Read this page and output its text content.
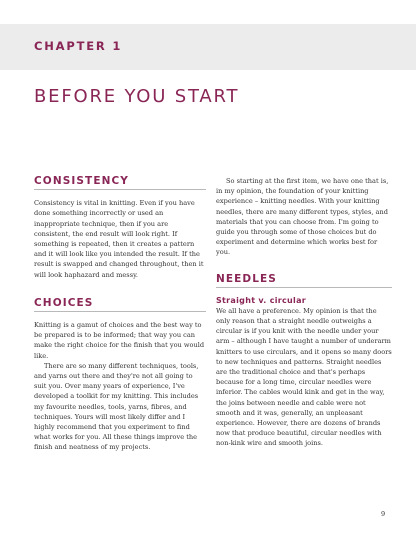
CHAPTER 1
BEFORE YOU START
CONSISTENCY

Consistency is vital in knitting. Even if you have done something incorrectly or used an inappropriate technique, then if you are consistent, the end result will look right. If something is repeated, then it creates a pattern and it will look like you intended the result. If the result is swapped and changed throughout, then it will look haphazard and messy.

CHOICES

Knitting is a gamut of choices and the best way to be prepared is to be informed; that way you can make the right choice for the finish that you would like.

There are so many different techniques, tools, and yarns out there and they're not all going to suit you. Over many years of experience, I've developed a toolkit for my knitting. This includes my favourite needles, tools, yarns, fibres, and techniques. Yours will most likely differ and I highly recommend that you experiment to find what works for you. All these things improve the finish and neatness of my projects.

So starting at the first item, we have one that is, in my opinion, the foundation of your knitting experience – knitting needles. With your knitting needles, there are many different types, styles, and materials that you can choose from. I'm going to guide you through some of those choices but do experiment and determine which works best for you.

NEEDLES
Straight v. circular

We all have a preference. My opinion is that the only reason that a straight needle outweighs a circular is if you knit with the needle under your arm – although I have taught a number of underarm knitters to use circulars, and it opens so many doors to new techniques and patterns. Straight needles are the traditional choice and that's perhaps because for a long time, circular needles were inferior. The cables would kink and get in the way, the joins between needle and cable were not smooth and it was, generally, an unpleasant experience. However, there are dozens of brands now that produce beautiful, circular needles with non-kink wire and smooth joins.

9
